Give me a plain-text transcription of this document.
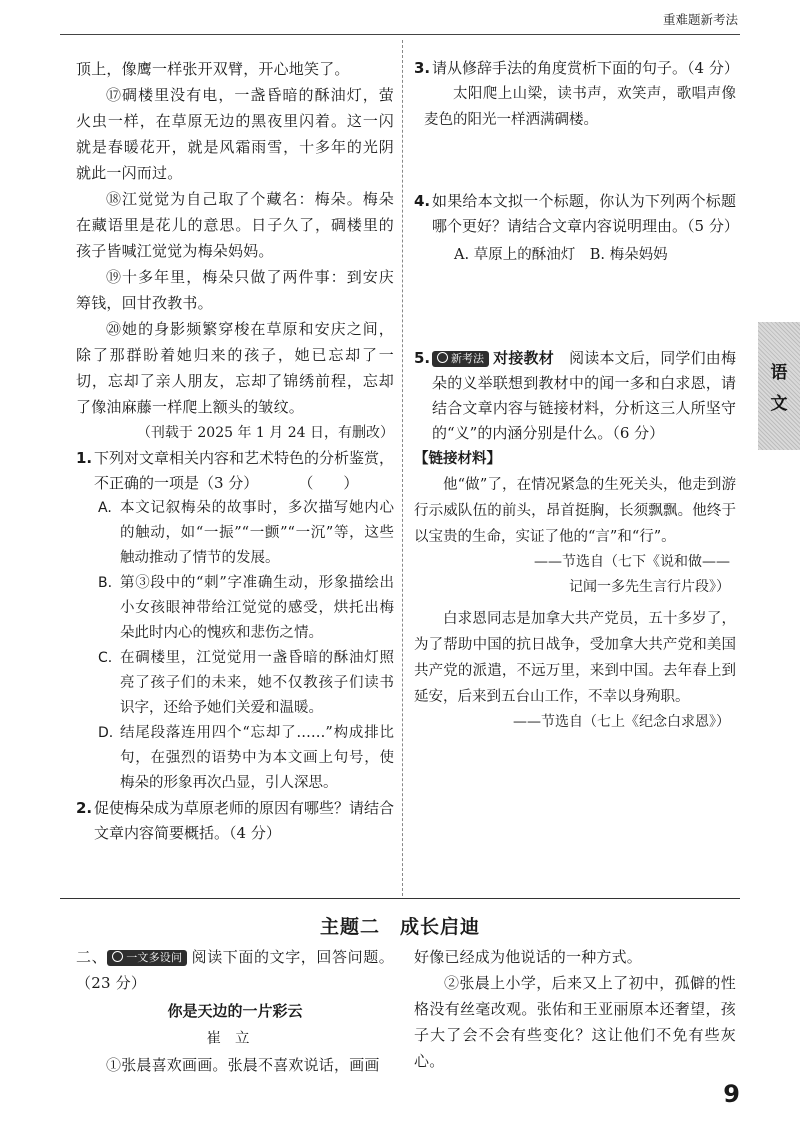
重难题新考法
语
文

顶上，像鹰一样张开双臂，开心地笑了。

⑰碉楼里没有电，一盏昏暗的酥油灯，萤火虫一样，在草原无边的黑夜里闪着。这一闪就是春暖花开，就是风霜雨雪，十多年的光阴就此一闪而过。

⑱江觉觉为自己取了个藏名：梅朵。梅朵在藏语里是花儿的意思。日子久了，碉楼里的孩子皆喊江觉觉为梅朵妈妈。

⑲十多年里，梅朵只做了两件事：到安庆筹钱，回甘孜教书。

⑳她的身影频繁穿梭在草原和安庆之间，除了那群盼着她归来的孩子，她已忘却了一切，忘却了亲人朋友，忘却了锦绣前程，忘却了像油麻藤一样爬上额头的皱纹。

（刊载于 2025 年 1 月 24 日，有删改）

1. 下列对文章相关内容和艺术特色的分析鉴赏，不正确的一项是（3 分）	（　　）
A. 本文记叙梅朵的故事时，多次描写她内心的触动，如“一振”“一颤”“一沉”等，这些触动推动了情节的发展。
B. 第③段中的“刺”字准确生动，形象描绘出小女孩眼神带给江觉觉的感受，烘托出梅朵此时内心的愧疚和悲伤之情。
C. 在碉楼里，江觉觉用一盏昏暗的酥油灯照亮了孩子们的未来，她不仅教孩子们读书识字，还给予她们关爱和温暖。
D. 结尾段落连用四个“忘却了……”构成排比句，在强烈的语势中为本文画上句号，使梅朵的形象再次凸显，引人深思。
2. 促使梅朵成为草原老师的原因有哪些？请结合文章内容简要概括。（4 分）
3. 请从修辞手法的角度赏析下面的句子。（4 分）

太阳爬上山梁，读书声，欢笑声，歌唱声像麦色的阳光一样洒满碉楼。

4. 如果给本文拟一个标题，你认为下列两个标题哪个更好？请结合文章内容说明理由。（5 分）
A. 草原上的酥油灯　 B. 梅朵妈妈
5. 新考法 对接教材　 阅读本文后，同学们由梅朵的义举联想到教材中的闻一多和白求恩，请结合文章内容与链接材料，分析这三人所坚守的“义”的内涵分别是什么。（6 分）
【链接材料】

他“做”了，在情况紧急的生死关头，他走到游行示威队伍的前头，昂首挺胸，长须飘飘。他终于以宝贵的生命，实证了他的“言”和“行”。

——节选自（七下《说和做——
记闻一多先生言行片段》）

白求恩同志是加拿大共产党员，五十多岁了，为了帮助中国的抗日战争，受加拿大共产党和美国共产党的派遣，不远万里，来到中国。去年春上到延安，后来到五台山工作，不幸以身殉职。

——节选自（七上《纪念白求恩》）
主题二　成长启迪

二、 一文多设问 阅读下面的文字，回答问题。（23 分）

你是天边的一片彩云
崔立

①张晨喜欢画画。张晨不喜欢说话，画画

好像已经成为他说话的一种方式。

②张晨上小学，后来又上了初中，孤僻的性格没有丝毫改观。张佑和王亚丽原本还奢望，孩子大了会不会有些变化？这让他们不免有些灰心。

9
